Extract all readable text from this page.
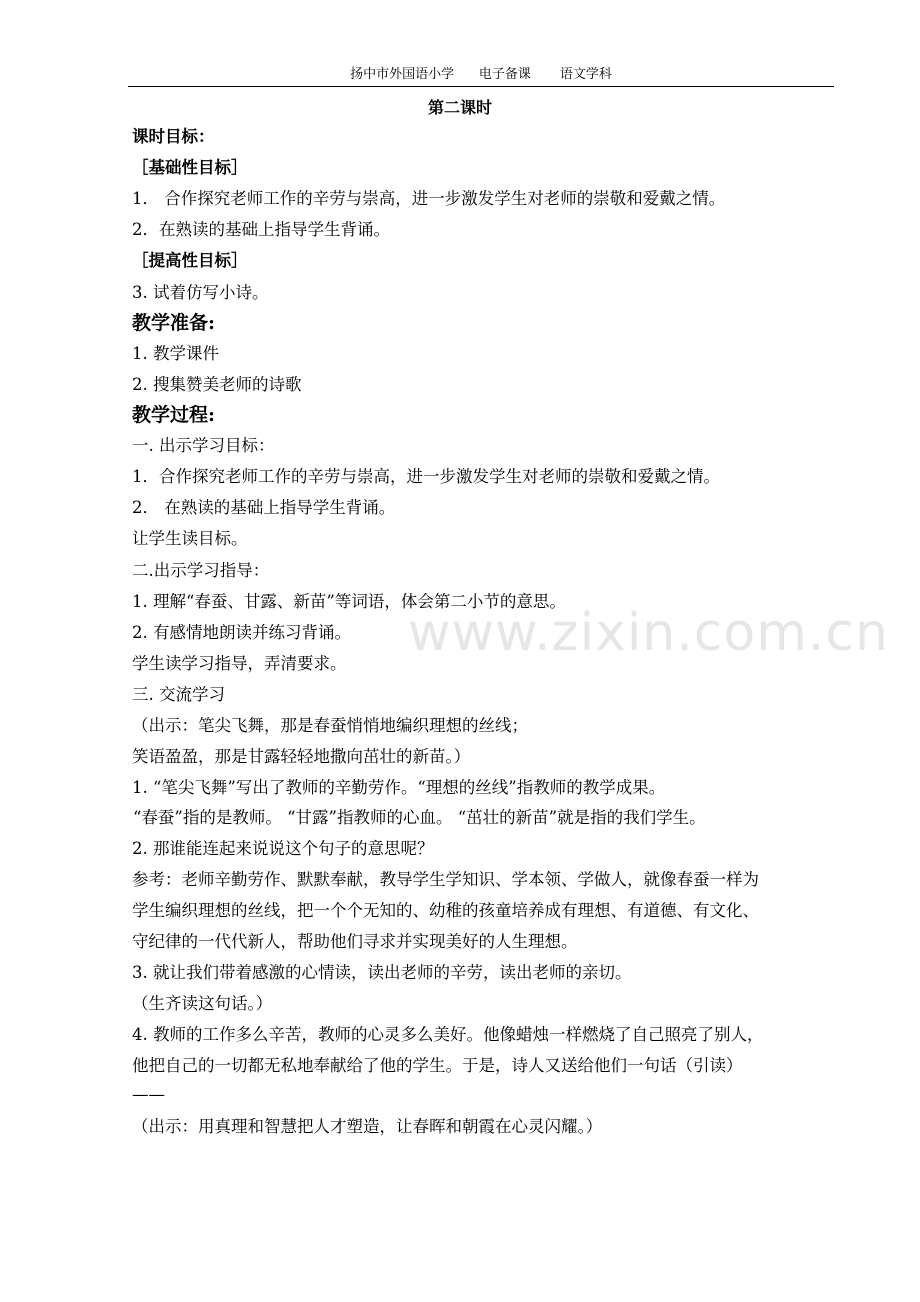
扬中市外国语小学      电子备课       语文学科
第二课时
课时目标：
［基础性目标］
1． 合作探究老师工作的辛劳与崇高，进一步激发学生对老师的崇敬和爱戴之情。
2．在熟读的基础上指导学生背诵。
［提高性目标］
3. 试着仿写小诗。
教学准备:
1. 教学课件
2. 搜集赞美老师的诗歌
教学过程:
一. 出示学习目标：
1．合作探究老师工作的辛劳与崇高，进一步激发学生对老师的崇敬和爱戴之情。
2． 在熟读的基础上指导学生背诵。
让学生读目标。
二.出示学习指导：
1. 理解“春蚕、甘露、新苗”等词语，体会第二小节的意思。
2. 有感情地朗读并练习背诵。
学生读学习指导，弄清要求。
三. 交流学习
（出示：笔尖飞舞，那是春蚕悄悄地编织理想的丝线；
笑语盈盈，那是甘露轻轻地撒向茁壮的新苗。）
1. “笔尖飞舞”写出了教师的辛勤劳作。“理想的丝线”指教师的教学成果。
“春蚕”指的是教师。 “甘露”指教师的心血。 “茁壮的新苗”就是指的我们学生。
2. 那谁能连起来说说这个句子的意思呢？
参考：老师辛勤劳作、默默奉献，教导学生学知识、学本领、学做人，就像春蚕一样为
学生编织理想的丝线，把一个个无知的、幼稚的孩童培养成有理想、有道德、有文化、
守纪律的一代代新人，帮助他们寻求并实现美好的人生理想。
3. 就让我们带着感激的心情读，读出老师的辛劳，读出老师的亲切。
（生齐读这句话。）
4. 教师的工作多么辛苦，教师的心灵多么美好。他像蜡烛一样燃烧了自己照亮了别人，
他把自己的一切都无私地奉献给了他的学生。于是，诗人又送给他们一句话（引读）
——
（出示：用真理和智慧把人才塑造，让春晖和朝霞在心灵闪耀。）
www.zixin.com.cn
